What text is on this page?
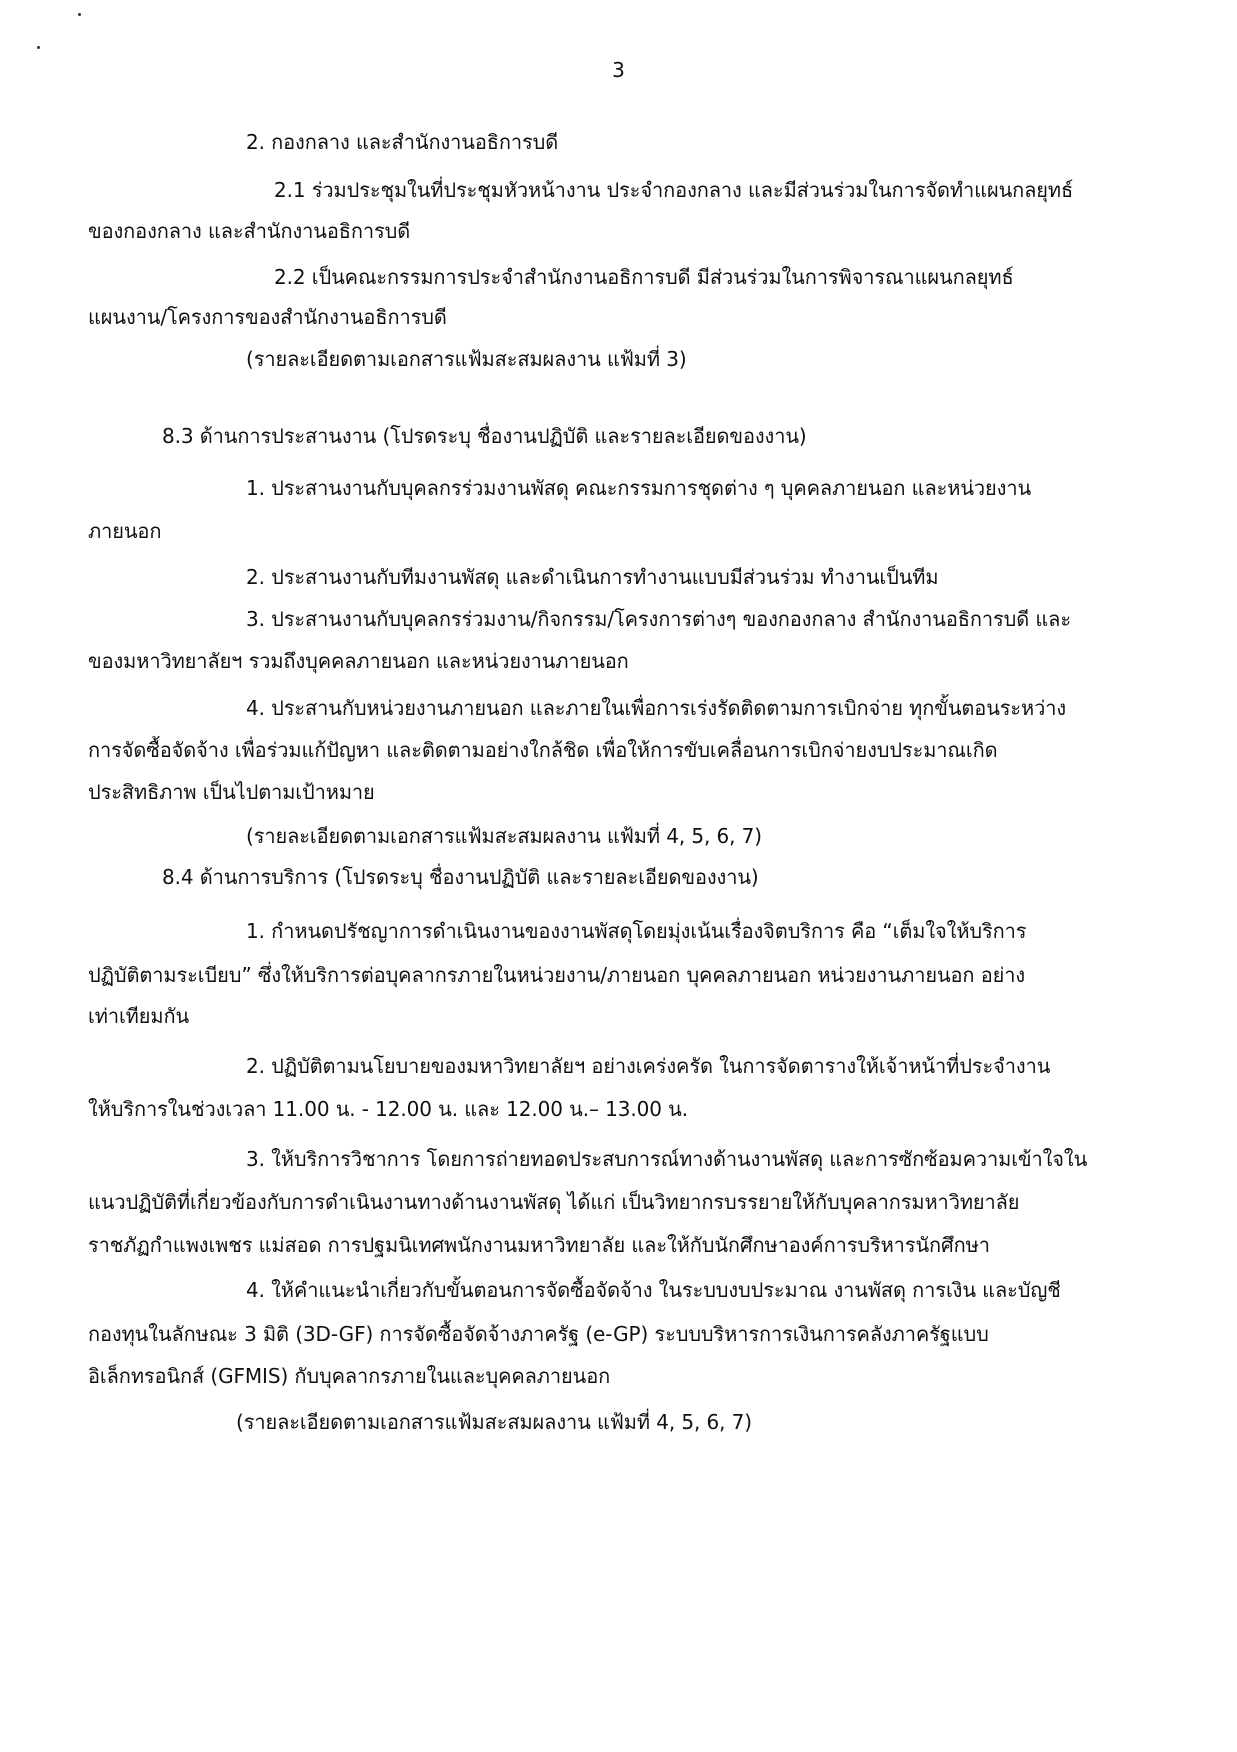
3
2. กองกลาง และสำนักงานอธิการบดี
2.1 ร่วมประชุมในที่ประชุมหัวหน้างาน ประจำกองกลาง และมีส่วนร่วมในการจัดทำแผนกลยุทธ์
ของกองกลาง และสำนักงานอธิการบดี
2.2 เป็นคณะกรรมการประจำสำนักงานอธิการบดี มีส่วนร่วมในการพิจารณาแผนกลยุทธ์
แผนงาน/โครงการของสำนักงานอธิการบดี
(รายละเอียดตามเอกสารแฟ้มสะสมผลงาน แฟ้มที่ 3)
8.3 ด้านการประสานงาน (โปรดระบุ ชื่องานปฏิบัติ และรายละเอียดของงาน)
1. ประสานงานกับบุคลกรร่วมงานพัสดุ คณะกรรมการชุดต่าง ๆ บุคคลภายนอก และหน่วยงาน
ภายนอก
2. ประสานงานกับทีมงานพัสดุ และดำเนินการทำงานแบบมีส่วนร่วม ทำงานเป็นทีม
3. ประสานงานกับบุคลกรร่วมงาน/กิจกรรม/โครงการต่างๆ ของกองกลาง สำนักงานอธิการบดี และ
ของมหาวิทยาลัยฯ รวมถึงบุคคลภายนอก และหน่วยงานภายนอก
4. ประสานกับหน่วยงานภายนอก และภายในเพื่อการเร่งรัดติดตามการเบิกจ่าย ทุกขั้นตอนระหว่าง
การจัดซื้อจัดจ้าง เพื่อร่วมแก้ปัญหา และติดตามอย่างใกล้ชิด เพื่อให้การขับเคลื่อนการเบิกจ่ายงบประมาณเกิด
ประสิทธิภาพ เป็นไปตามเป้าหมาย
(รายละเอียดตามเอกสารแฟ้มสะสมผลงาน แฟ้มที่ 4, 5, 6, 7)
8.4 ด้านการบริการ (โปรดระบุ ชื่องานปฏิบัติ และรายละเอียดของงาน)
1. กำหนดปรัชญาการดำเนินงานของงานพัสดุโดยมุ่งเน้นเรื่องจิตบริการ คือ “เต็มใจให้บริการ
ปฏิบัติตามระเบียบ” ซึ่งให้บริการต่อบุคลากรภายในหน่วยงาน/ภายนอก บุคคลภายนอก หน่วยงานภายนอก อย่าง
เท่าเทียมกัน
2. ปฏิบัติตามนโยบายของมหาวิทยาลัยฯ อย่างเคร่งครัด ในการจัดตารางให้เจ้าหน้าที่ประจำงาน
ให้บริการในช่วงเวลา 11.00 น. - 12.00 น. และ 12.00 น.– 13.00 น.
3. ให้บริการวิชาการ โดยการถ่ายทอดประสบการณ์ทางด้านงานพัสดุ และการซักซ้อมความเข้าใจใน
แนวปฏิบัติที่เกี่ยวข้องกับการดำเนินงานทางด้านงานพัสดุ ได้แก่ เป็นวิทยากรบรรยายให้กับบุคลากรมหาวิทยาลัย
ราชภัฏกำแพงเพชร แม่สอด การปฐมนิเทศพนักงานมหาวิทยาลัย และให้กับนักศึกษาองค์การบริหารนักศึกษา
4. ให้คำแนะนำเกี่ยวกับขั้นตอนการจัดซื้อจัดจ้าง ในระบบงบประมาณ งานพัสดุ การเงิน และบัญชี
กองทุนในลักษณะ 3 มิติ (3D-GF) การจัดซื้อจัดจ้างภาครัฐ (e-GP) ระบบบริหารการเงินการคลังภาครัฐแบบ
อิเล็กทรอนิกส์ (GFMIS) กับบุคลากรภายในและบุคคลภายนอก
(รายละเอียดตามเอกสารแฟ้มสะสมผลงาน แฟ้มที่ 4, 5, 6, 7)
